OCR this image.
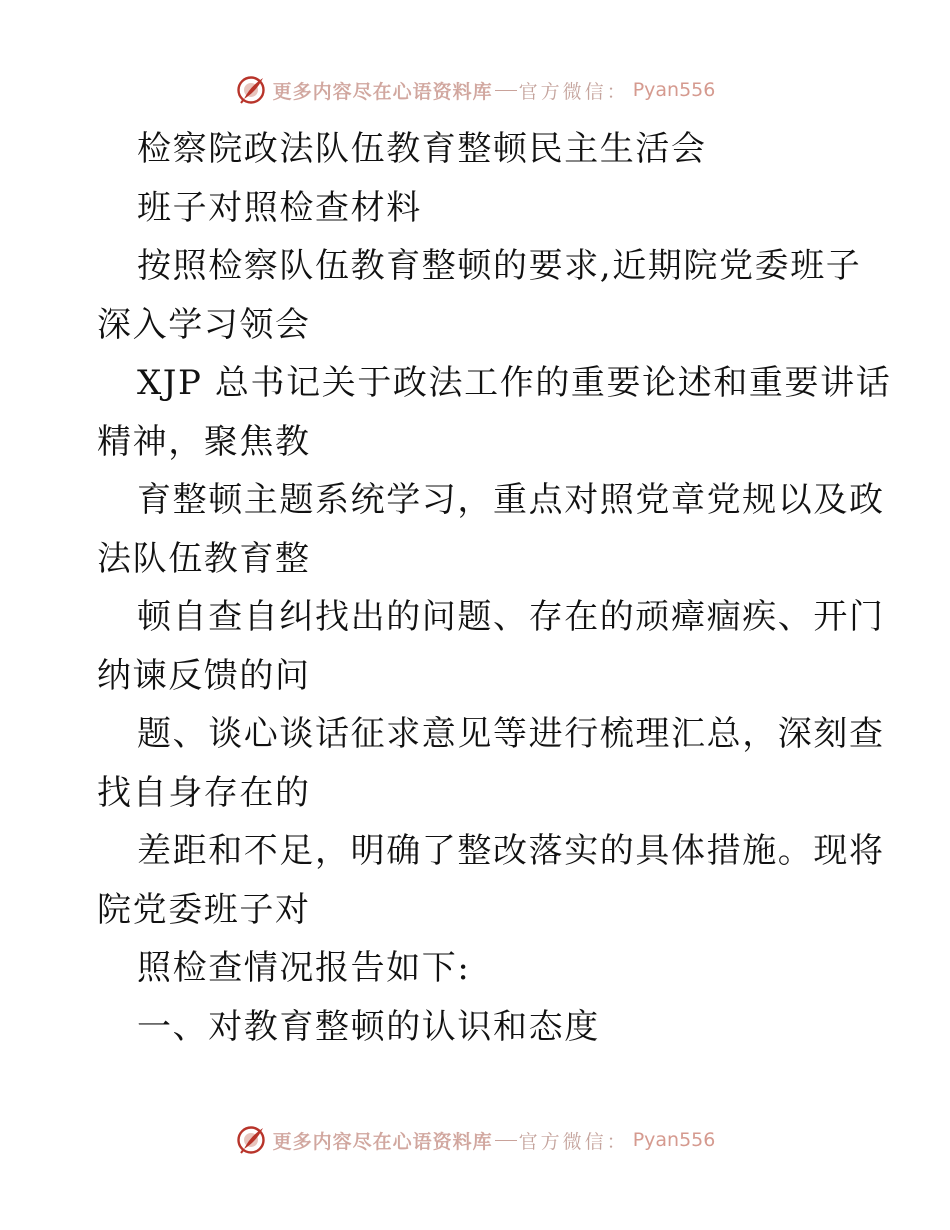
更多内容尽在心语资料库 官方微信： Pyan556
检察院政法队伍教育整顿民主生活会
班子对照检查材料
按照检察队伍教育整顿的要求,近期院党委班子
深入学习领会
XJP 总书记关于政法工作的重要论述和重要讲话
精神，聚焦教
育整顿主题系统学习，重点对照党章党规以及政
法队伍教育整
顿自查自纠找出的问题、存在的顽瘴痼疾、开门
纳谏反馈的问
题、谈心谈话征求意见等进行梳理汇总，深刻查
找自身存在的
差距和不足，明确了整改落实的具体措施。现将
院党委班子对
照检查情况报告如下:
一、对教育整顿的认识和态度
更多内容尽在心语资料库 官方微信： Pyan556
